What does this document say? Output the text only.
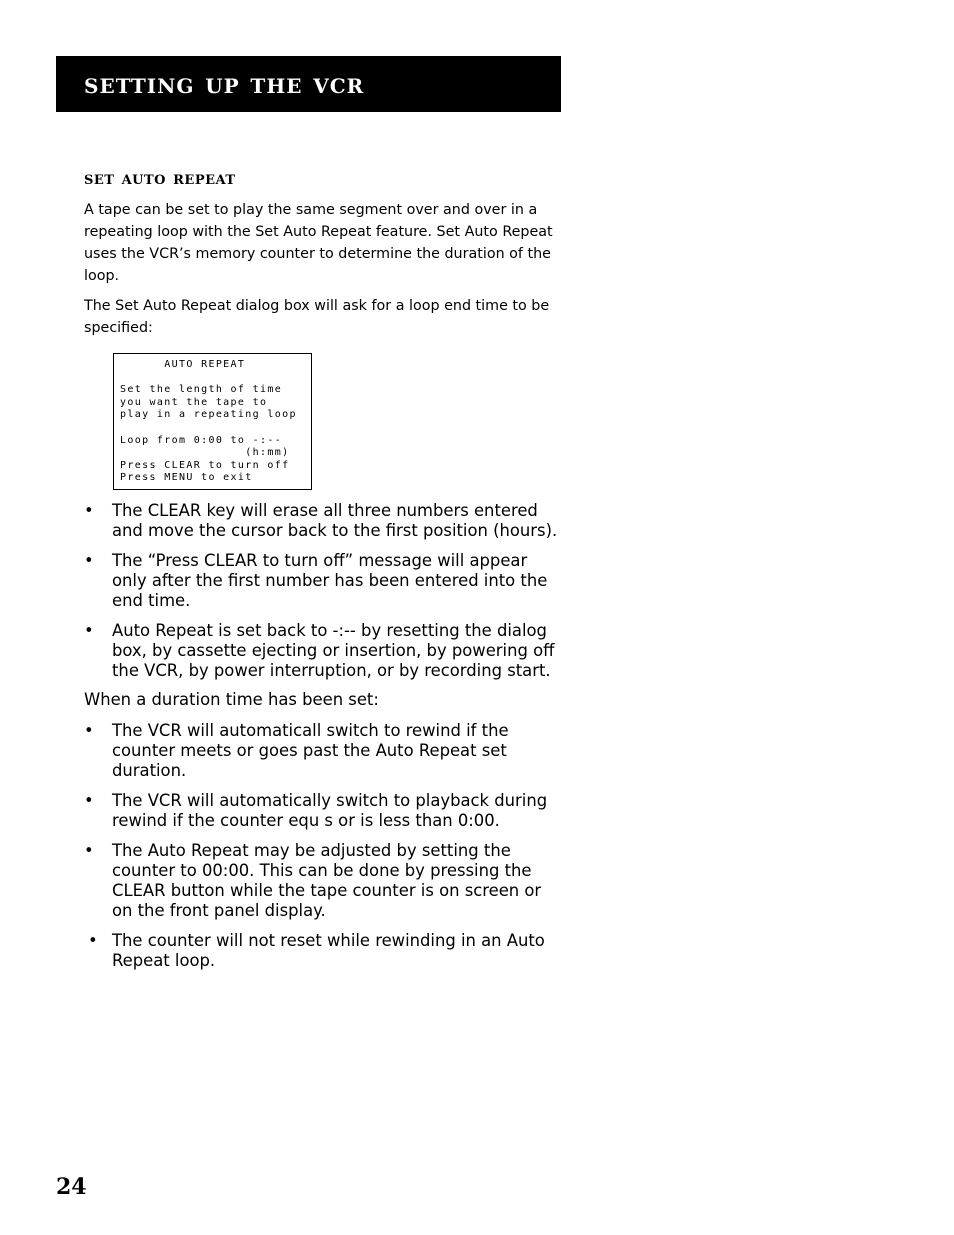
setting up the vcr
set auto repeat

A tape can be set to play the same segment over and over in a repeating loop with the Set Auto Repeat feature. Set Auto Repeat uses the VCR’s memory counter to determine the duration of the loop.

The Set Auto Repeat dialog box will ask for a loop end time to be specified:

AUTO REPEAT

Set the length of time
you want the tape to
play in a repeating loop

Loop from 0:00 to -:--
(h:mm)
Press CLEAR to turn off
Press MENU to exit
• The CLEAR key will erase all three numbers entered and move the cursor back to the first position (hours).
• The “Press CLEAR to turn off” message will appear only after the first number has been entered into the end time.
• Auto Repeat is set back to -:-- by resetting the dialog box, by cassette ejecting or insertion, by powering off the VCR, by power interruption, or by recording start.

When a duration time has been set:

• The VCR will automaticall switch to rewind if the counter meets or goes past the Auto Repeat set duration.
• The VCR will automatically switch to playback during rewind if the counter equ s or is less than 0:00.
• The Auto Repeat may be adjusted by setting the counter to 00:00. This can be done by pressing the CLEAR button while the tape counter is on screen or on the front panel display.
• The counter will not reset while rewinding in an Auto Repeat loop.

24
